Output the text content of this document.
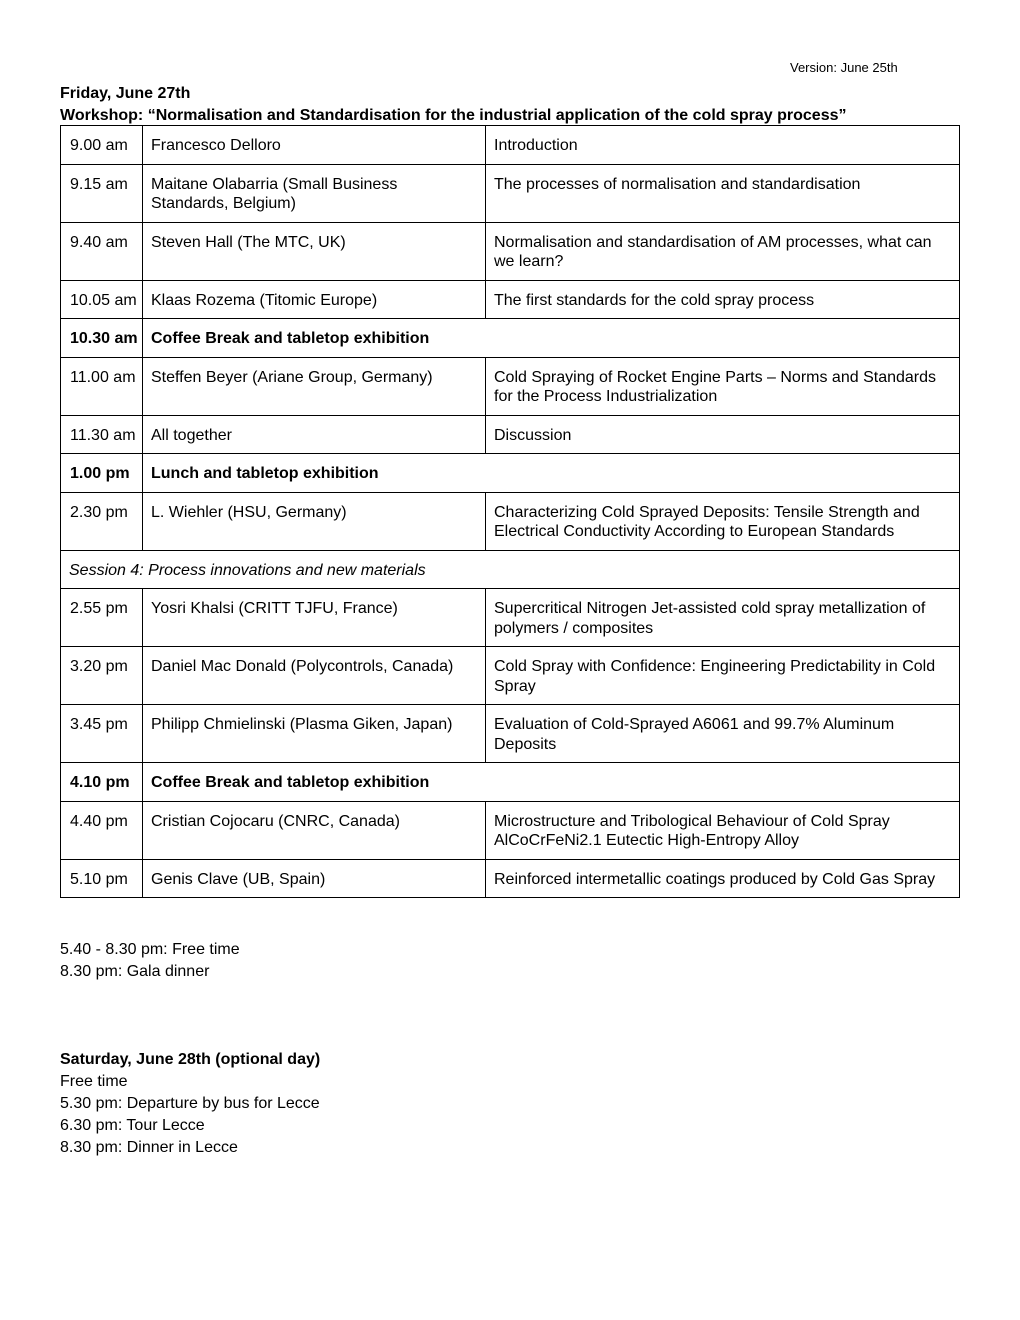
Version: June 25th
Friday, June 27th
Workshop: “Normalisation and Standardisation for the industrial application of the cold spray process”
9.00 am	Francesco Delloro	Introduction
9.15 am	Maitane Olabarria (Small Business Standards, Belgium)	The processes of normalisation and standardisation
9.40 am	Steven Hall (The MTC, UK)	Normalisation and standardisation of AM processes, what can we learn?
10.05 am	Klaas Rozema (Titomic Europe)	The first standards for the cold spray process
10.30 am	Coffee Break and tabletop exhibition	
11.00 am	Steffen Beyer (Ariane Group, Germany)	Cold Spraying of Rocket Engine Parts – Norms and Standards for the Process Industrialization
11.30 am	All together	Discussion
1.00 pm	Lunch and tabletop exhibition	
2.30 pm	L. Wiehler (HSU, Germany)	Characterizing Cold Sprayed Deposits: Tensile Strength and Electrical Conductivity According to European Standards
Session 4: Process innovations and new materials		
2.55 pm	Yosri Khalsi (CRITT TJFU, France)	Supercritical Nitrogen Jet-assisted cold spray metallization of polymers / composites
3.20 pm	Daniel Mac Donald (Polycontrols, Canada)	Cold Spray with Confidence: Engineering Predictability in Cold Spray
3.45 pm	Philipp Chmielinski (Plasma Giken, Japan)	Evaluation of Cold-Sprayed A6061 and 99.7% Aluminum Deposits
4.10 pm	Coffee Break and tabletop exhibition	
4.40 pm	Cristian Cojocaru (CNRC, Canada)	Microstructure and Tribological Behaviour of Cold Spray AlCoCrFeNi2.1 Eutectic High-Entropy Alloy
5.10 pm	Genis Clave (UB, Spain)	Reinforced intermetallic coatings produced by Cold Gas Spray
5.40 - 8.30 pm: Free time
8.30 pm: Gala dinner
Saturday, June 28th (optional day)
Free time
5.30 pm: Departure by bus for Lecce
6.30 pm: Tour Lecce
8.30 pm: Dinner in Lecce
